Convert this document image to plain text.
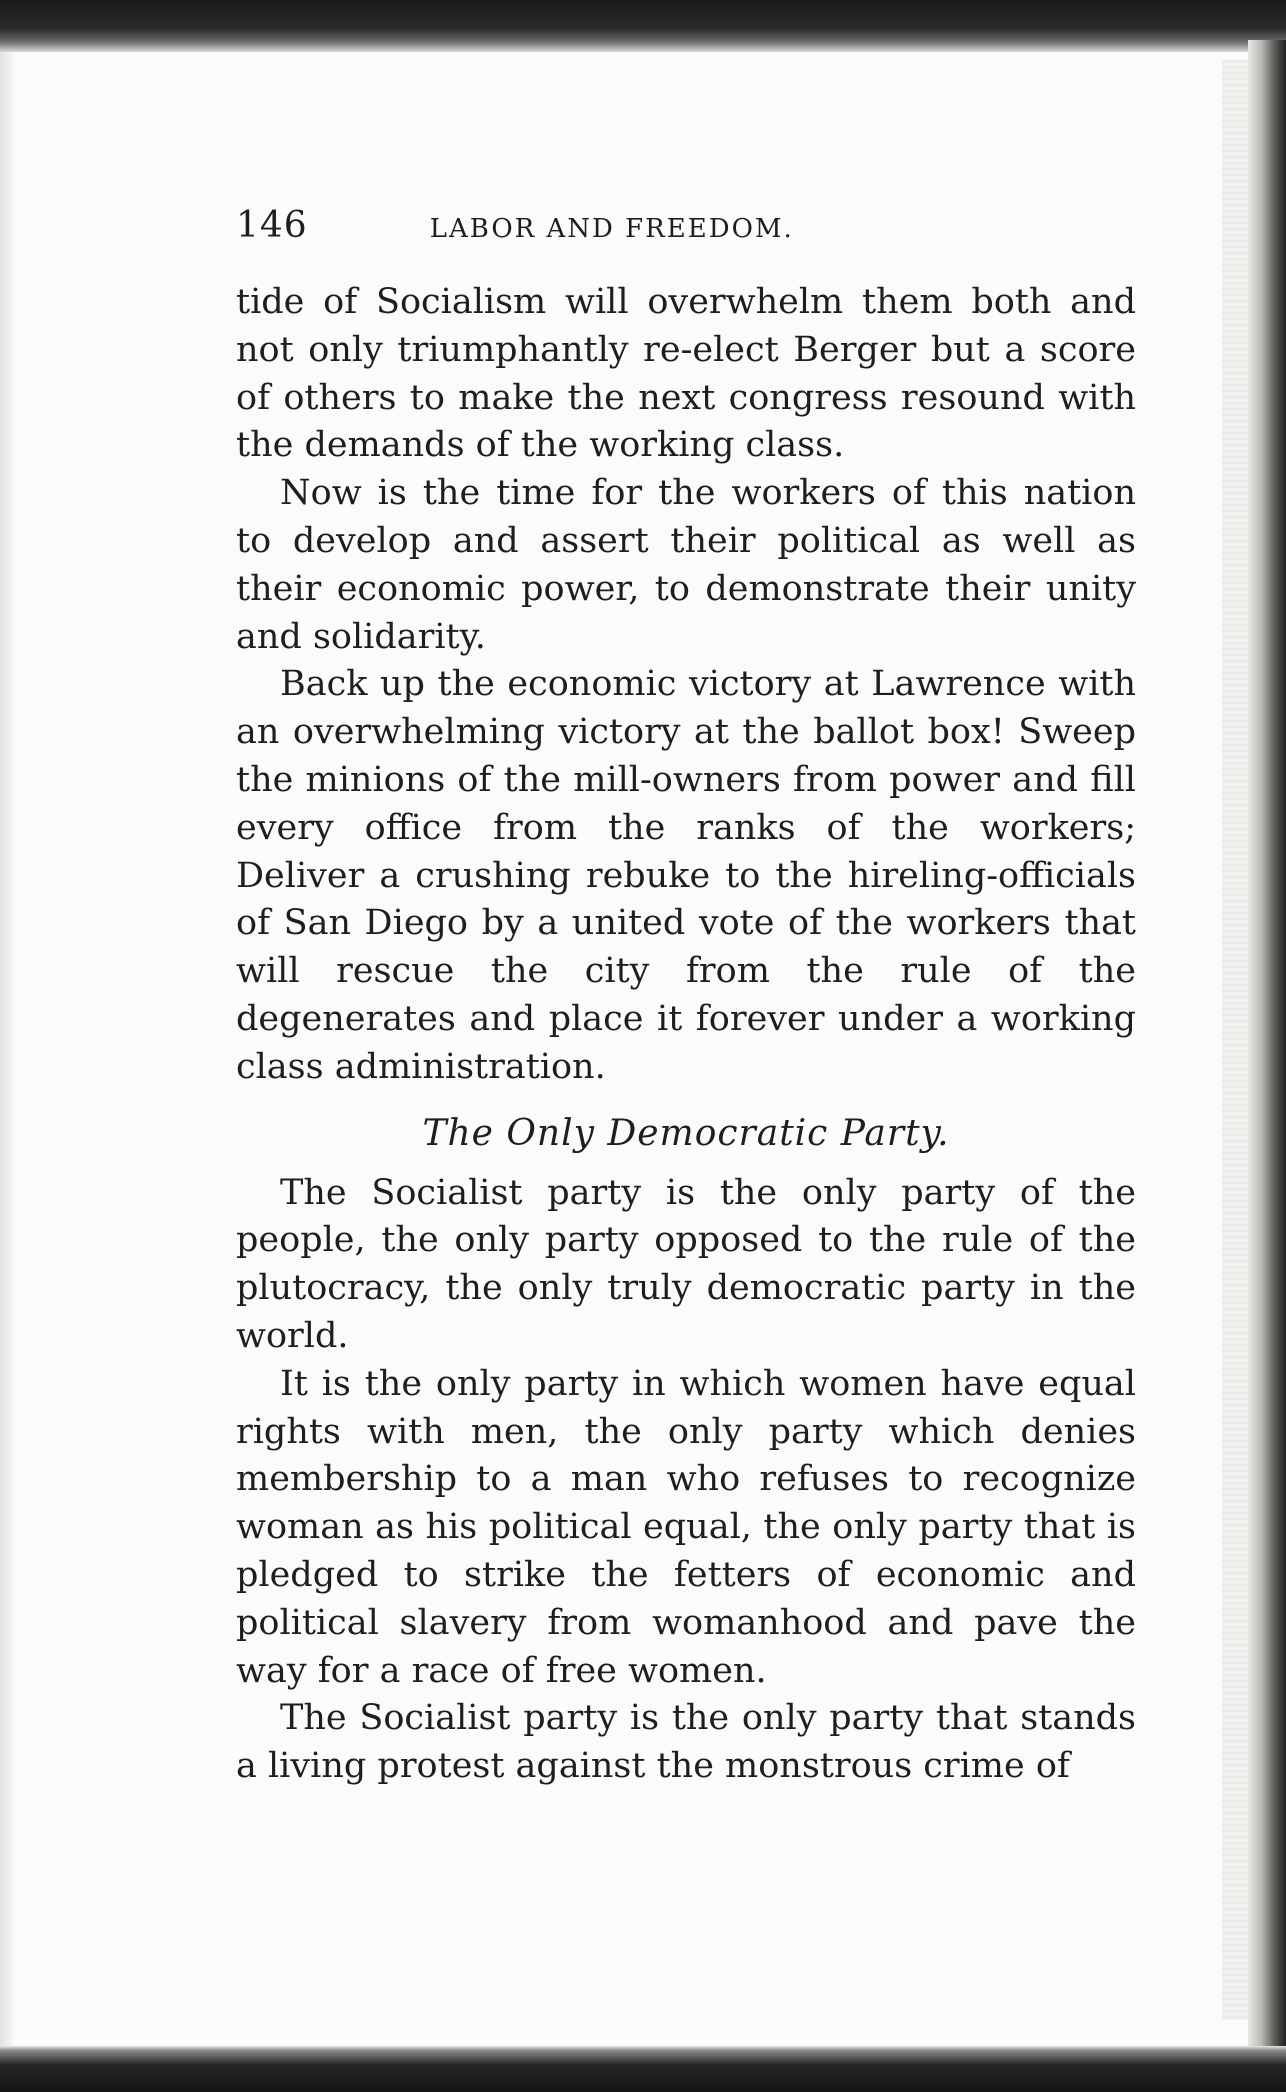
146	LABOR AND FREEDOM.

tide of Socialism will overwhelm them both and not only triumphantly re-elect Berger but a score of others to make the next congress resound with the demands of the working class.

Now is the time for the workers of this nation to develop and assert their political as well as their economic power, to demonstrate their unity and solidarity.

Back up the economic victory at Lawrence with an overwhelming victory at the ballot box! Sweep the minions of the mill-owners from power and fill every office from the ranks of the workers; Deliver a crushing rebuke to the hireling-officials of San Diego by a united vote of the workers that will rescue the city from the rule of the degenerates and place it forever under a working class administration.

The Only Democratic Party.

The Socialist party is the only party of the people, the only party opposed to the rule of the plutocracy, the only truly democratic party in the world.

It is the only party in which women have equal rights with men, the only party which denies membership to a man who refuses to recognize woman as his political equal, the only party that is pledged to strike the fetters of economic and political slavery from womanhood and pave the way for a race of free women.

The Socialist party is the only party that stands a living protest against the monstrous crime of
